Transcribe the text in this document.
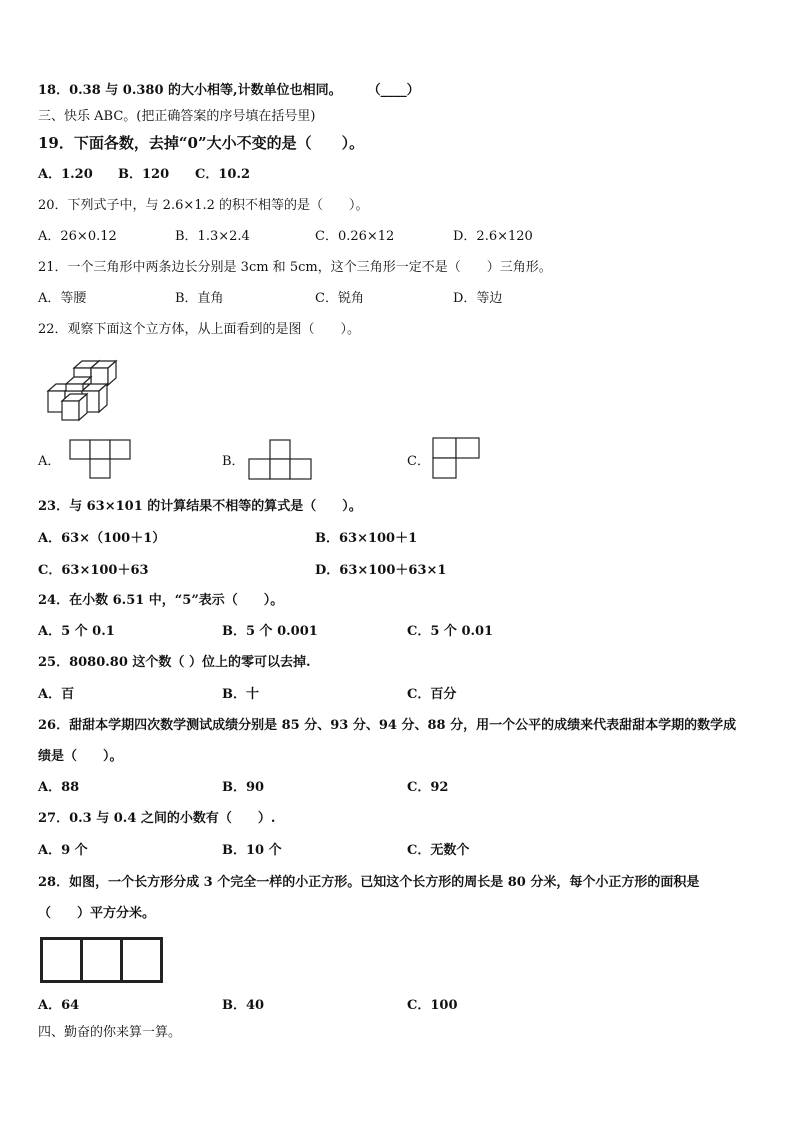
18．0.38 与 0.380 的大小相等,计数单位也相同。　　　（____）
三、快乐 ABC。(把正确答案的序号填在括号里)
19．下面各数，去掉“0”大小不变的是（　　）。
A．1.20 B．120 C．10.2
20．下列式子中，与 2.6×1.2 的积不相等的是（　　）。
A．26×0.12	B．1.3×2.4	C．0.26×12	D．2.6×120
21．一个三角形中两条边长分别是 3cm 和 5cm，这个三角形一定不是（　　）三角形。
A．等腰	B．直角	C．锐角	D．等边
22．观察下面这个立方体，从上面看到的是图（　　）。
A．	B．	C．
23．与 63×101 的计算结果不相等的算式是（　　）。
A．63×（100＋1）	B．63×100＋1
C．63×100＋63	D．63×100＋63×1
24．在小数 6.51 中，“5”表示（　　）。
A．5 个 0.1	B．5 个 0.001	C．5 个 0.01
25．8080.80 这个数（ ）位上的零可以去掉.
A．百	B．十	C．百分
26．甜甜本学期四次数学测试成绩分别是 85 分、93 分、94 分、88 分，用一个公平的成绩来代表甜甜本学期的数学成
绩是（　　）。
A．88	B．90	C．92
27．0.3 与 0.4 之间的小数有（　　）.
A．9 个	B．10 个	C．无数个
28．如图，一个长方形分成 3 个完全一样的小正方形。已知这个长方形的周长是 80 分米，每个小正方形的面积是
（　　）平方分米。
A．64	B．40	C．100
四、勤奋的你来算一算。
